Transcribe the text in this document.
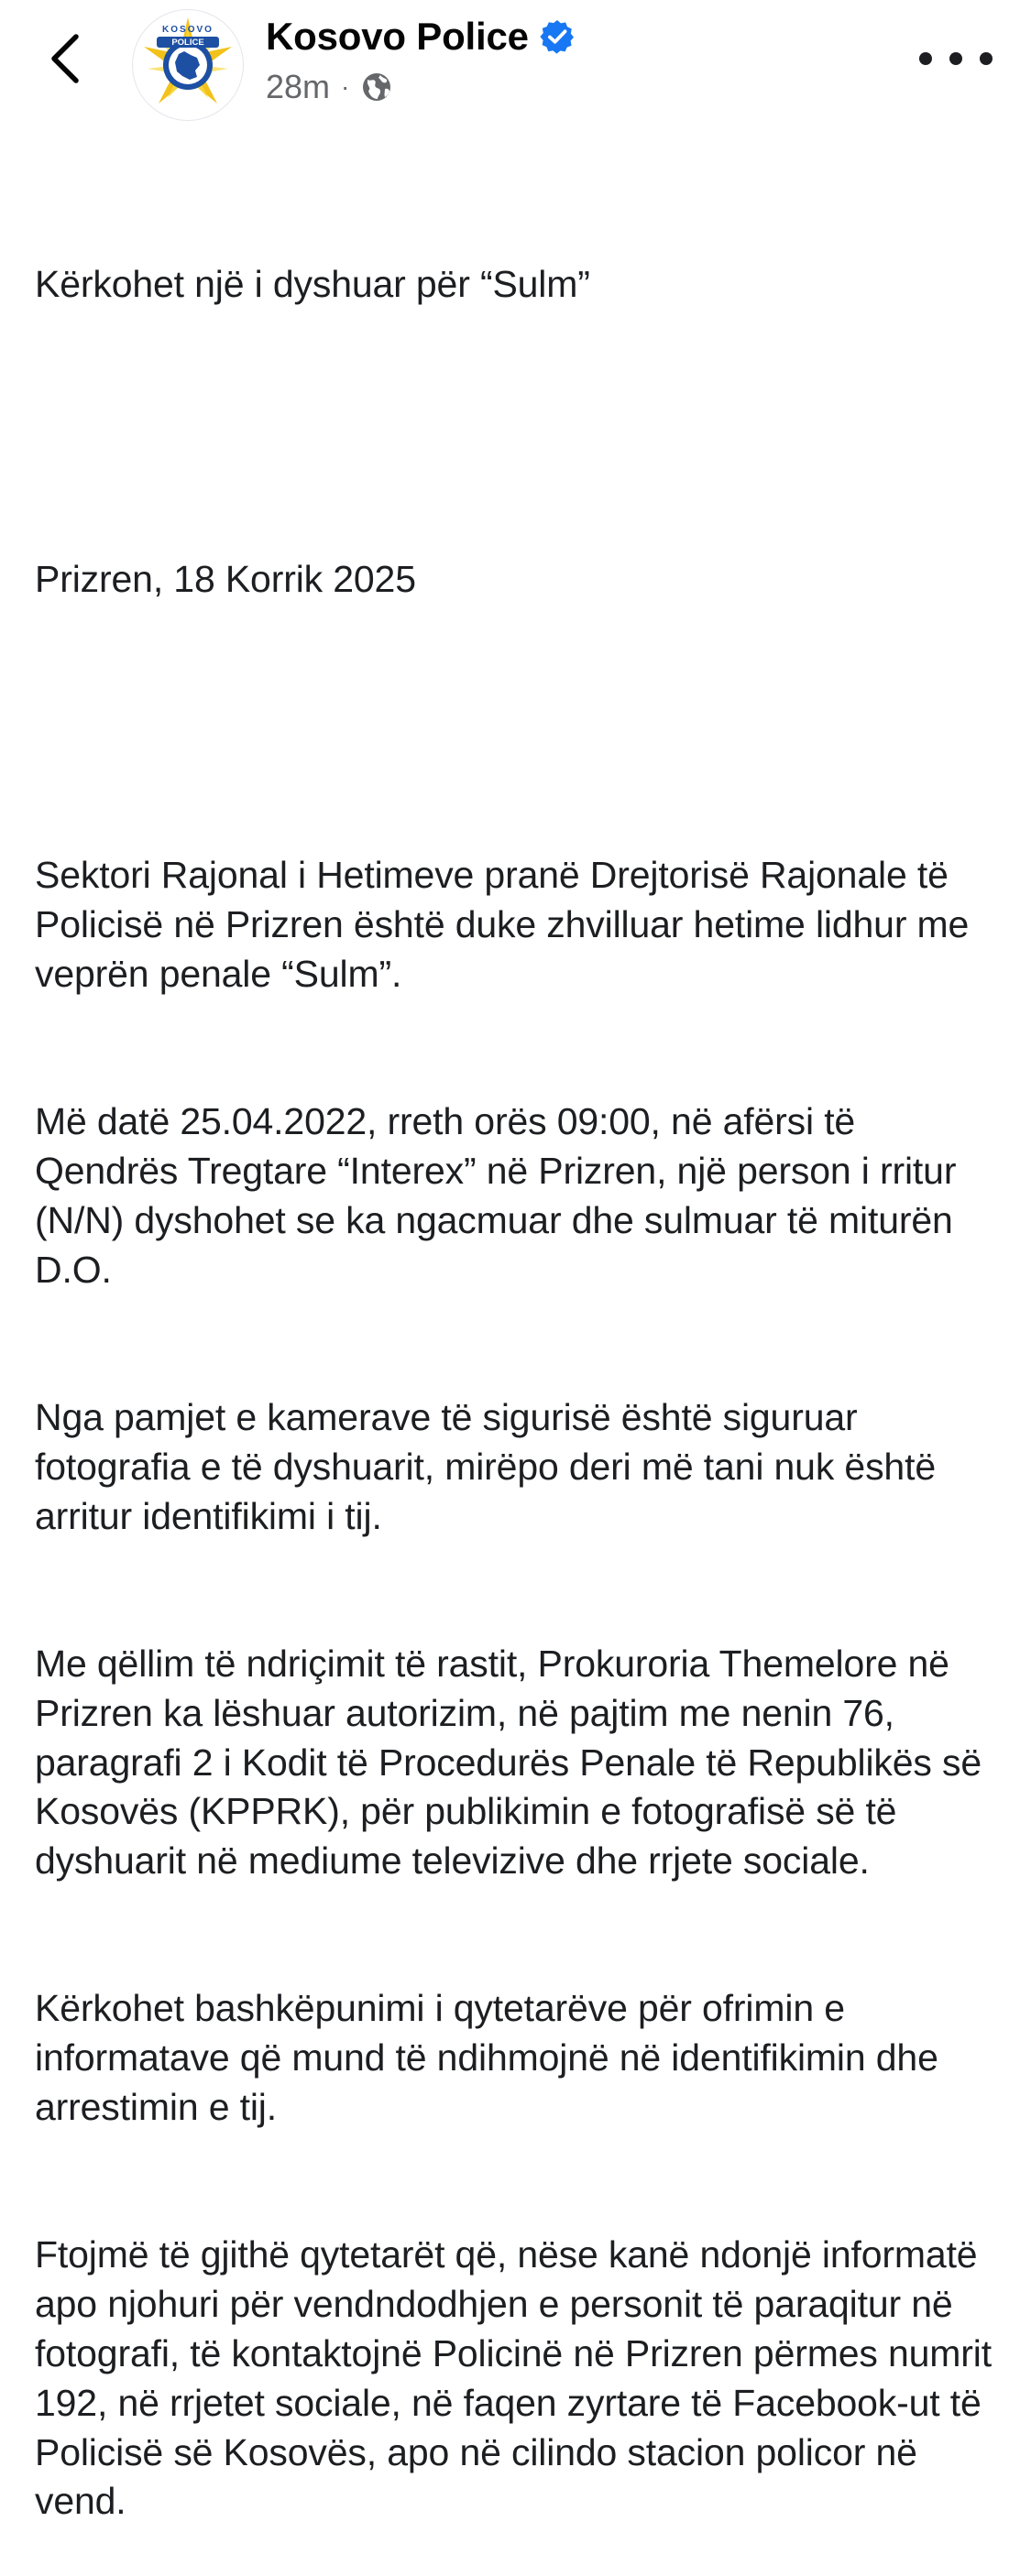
POLICE
KOSOVO Kosovo Police
28m ·

Kërkohet një i dyshuar për “Sulm”

Prizren, 18 Korrik 2025

Sektori Rajonal i Hetimeve pranë Drejtorisë Rajonale të Policisë në Prizren është duke zhvilluar hetime lidhur me veprën penale “Sulm”.

Më datë 25.04.2022, rreth orës 09:00, në afërsi të Qendrës Tregtare “Interex” në Prizren, një person i rritur (N/N) dyshohet se ka ngacmuar dhe sulmuar të miturën D.O.

Nga pamjet e kamerave të sigurisë është siguruar fotografia e të dyshuarit, mirëpo deri më tani nuk është arritur identifikimi i tij.

Me qëllim të ndriçimit të rastit, Prokuroria Themelore në Prizren ka lëshuar autorizim, në pajtim me nenin 76, paragrafi 2 i Kodit të Procedurës Penale të Republikës së Kosovës (KPPRK), për publikimin e fotografisë së të dyshuarit në mediume televizive dhe rrjete sociale.

Kërkohet bashkëpunimi i qytetarëve për ofrimin e informatave që mund të ndihmojnë në identifikimin dhe arrestimin e tij.

Ftojmë të gjithë qytetarët që, nëse kanë ndonjë informatë apo njohuri për vendndodhjen e personit të paraqitur në fotografi, të kontaktojnë Policinë në Prizren përmes numrit 192, në rrjetet sociale, në faqen zyrtare të Facebook-ut të Policisë së Kosovës, apo në cilindo stacion policor në vend.
